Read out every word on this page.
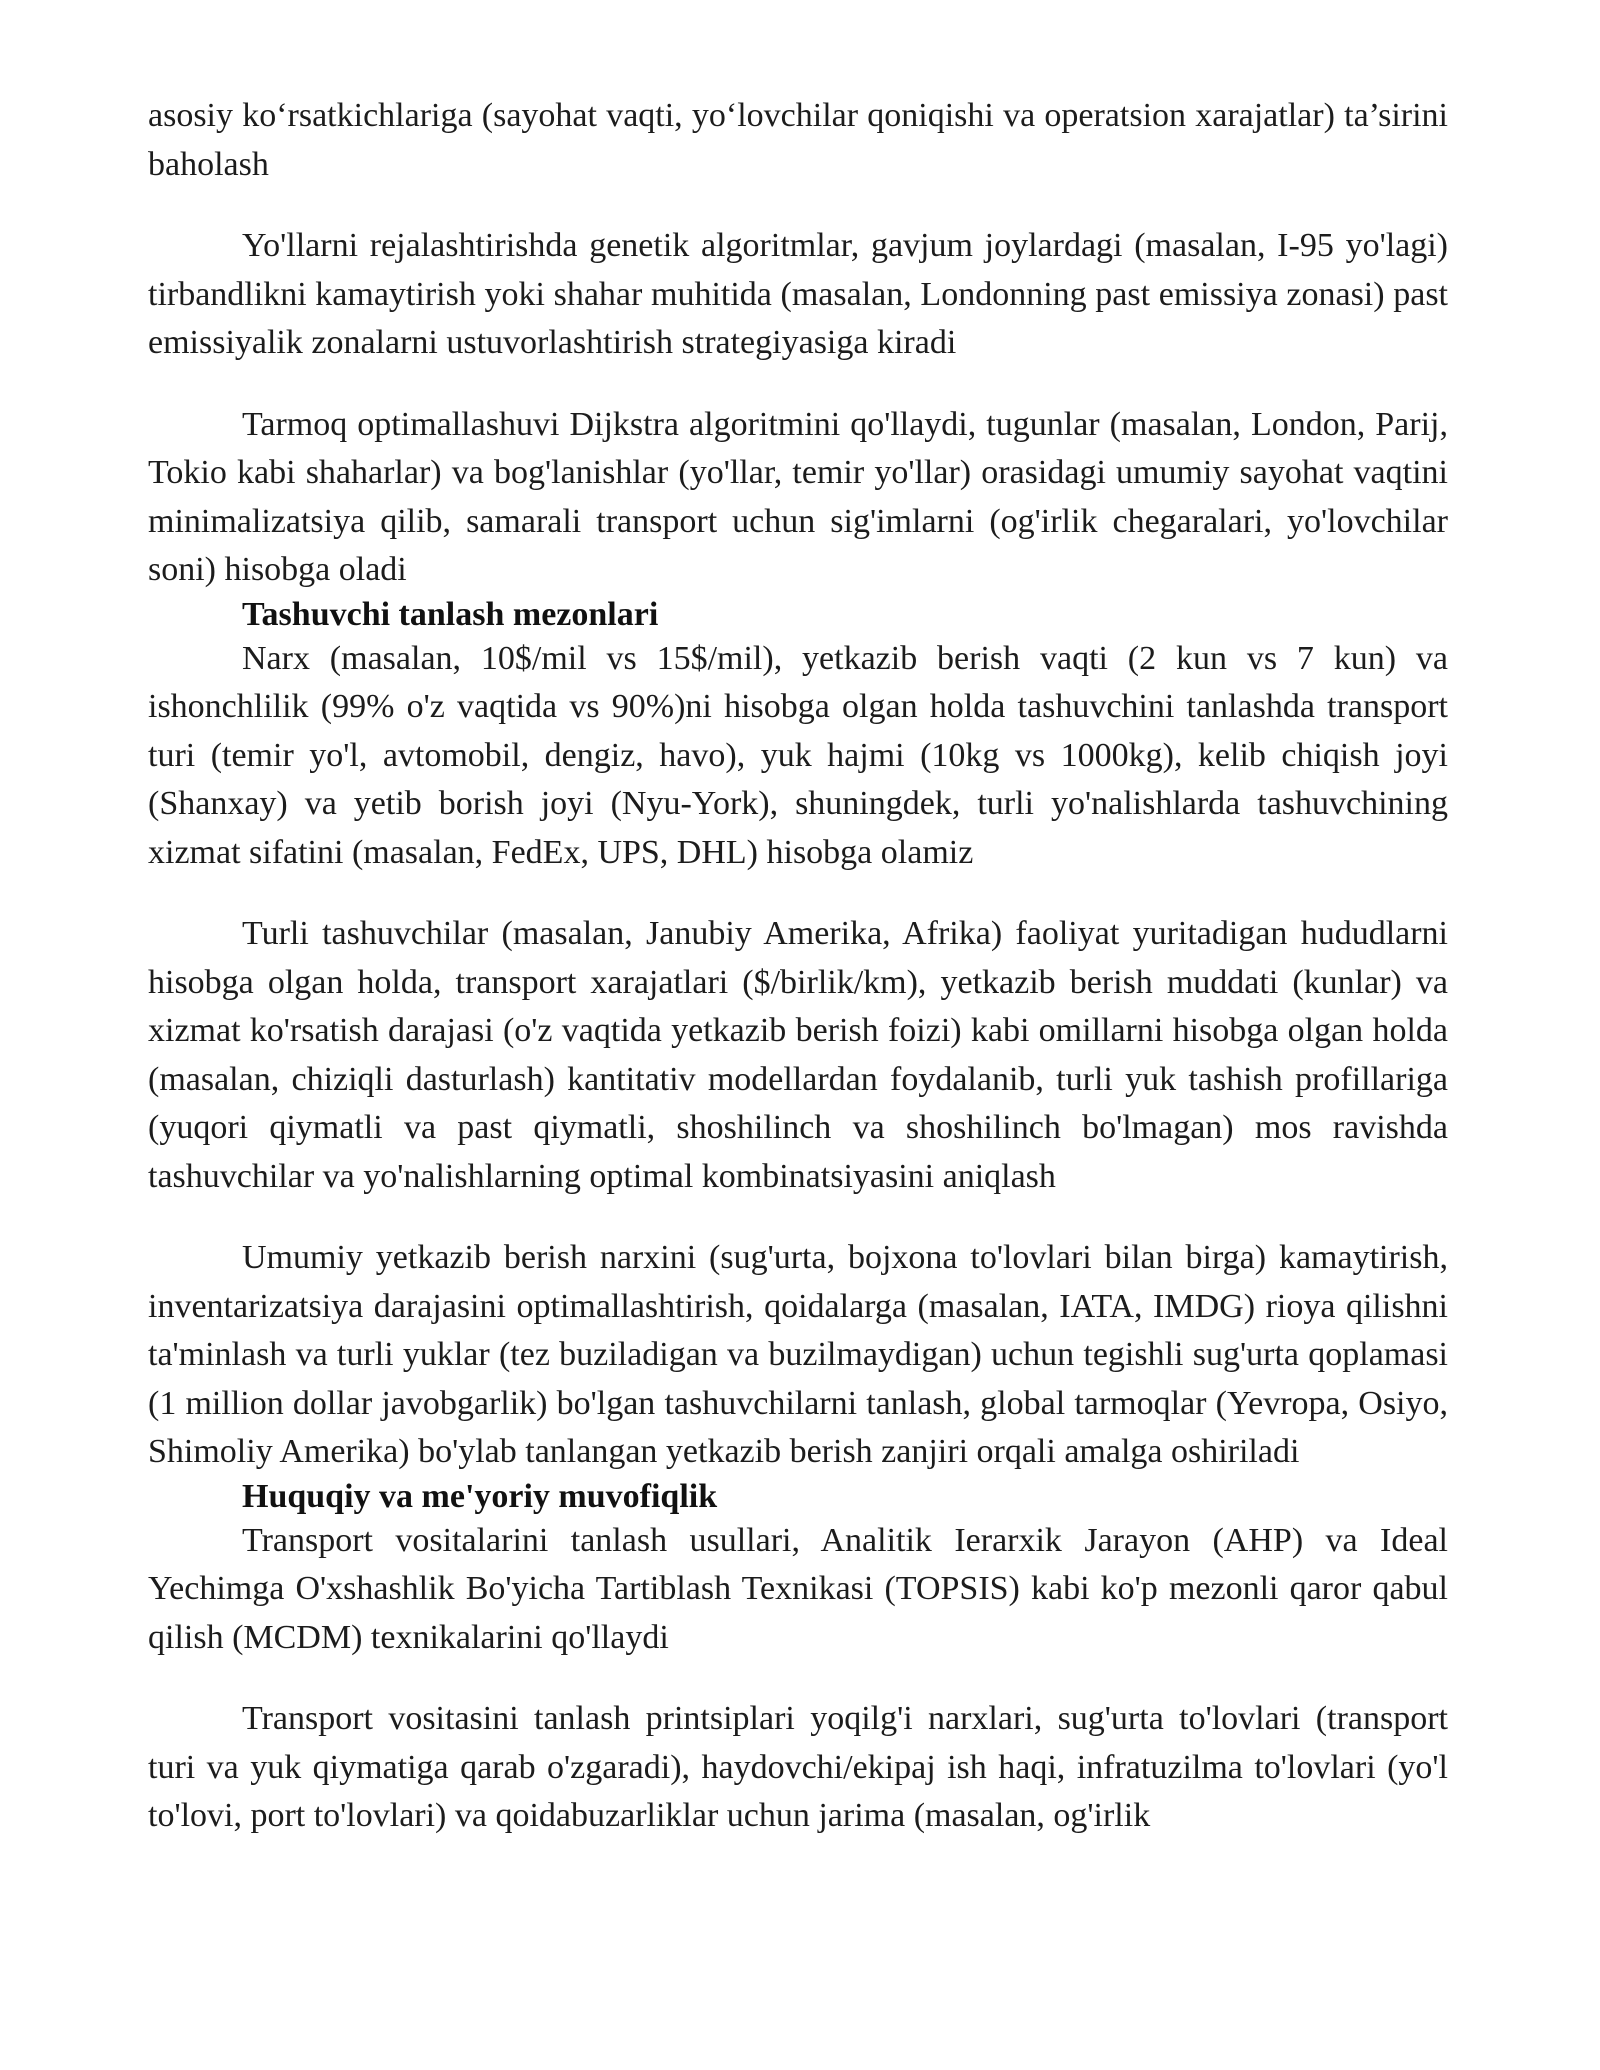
asosiy ko‘rsatkichlariga (sayohat vaqti, yo‘lovchilar qoniqishi va operatsion xarajatlar) ta’sirini baholash

Yo'llarni rejalashtirishda genetik algoritmlar, gavjum joylardagi (masalan, I-95 yo'lagi) tirbandlikni kamaytirish yoki shahar muhitida (masalan, Londonning past emissiya zonasi) past emissiyalik zonalarni ustuvorlashtirish strategiyasiga kiradi

Tarmoq optimallashuvi Dijkstra algoritmini qo'llaydi, tugunlar (masalan, London, Parij, Tokio kabi shaharlar) va bog'lanishlar (yo'llar, temir yo'llar) orasidagi umumiy sayohat vaqtini minimalizatsiya qilib, samarali transport uchun sig'imlarni (og'irlik chegaralari, yo'lovchilar soni) hisobga oladi

Tashuvchi tanlash mezonlari

Narx (masalan, 10$/mil vs 15$/mil), yetkazib berish vaqti (2 kun vs 7 kun) va ishonchlilik (99% o'z vaqtida vs 90%)ni hisobga olgan holda tashuvchini tanlashda transport turi (temir yo'l, avtomobil, dengiz, havo), yuk hajmi (10kg vs 1000kg), kelib chiqish joyi (Shanxay) va yetib borish joyi (Nyu-York), shuningdek, turli yo'nalishlarda tashuvchining xizmat sifatini (masalan, FedEx, UPS, DHL) hisobga olamiz

Turli tashuvchilar (masalan, Janubiy Amerika, Afrika) faoliyat yuritadigan hududlarni hisobga olgan holda, transport xarajatlari ($/birlik/km), yetkazib berish muddati (kunlar) va xizmat ko'rsatish darajasi (o'z vaqtida yetkazib berish foizi) kabi omillarni hisobga olgan holda (masalan, chiziqli dasturlash) kantitativ modellardan foydalanib, turli yuk tashish profillariga (yuqori qiymatli va past qiymatli, shoshilinch va shoshilinch bo'lmagan) mos ravishda tashuvchilar va yo'nalishlarning optimal kombinatsiyasini aniqlash

Umumiy yetkazib berish narxini (sug'urta, bojxona to'lovlari bilan birga) kamaytirish, inventarizatsiya darajasini optimallashtirish, qoidalarga (masalan, IATA, IMDG) rioya qilishni ta'minlash va turli yuklar (tez buziladigan va buzilmaydigan) uchun tegishli sug'urta qoplamasi (1 million dollar javobgarlik) bo'lgan tashuvchilarni tanlash, global tarmoqlar (Yevropa, Osiyo, Shimoliy Amerika) bo'ylab tanlangan yetkazib berish zanjiri orqali amalga oshiriladi

Huquqiy va me'yoriy muvofiqlik

Transport vositalarini tanlash usullari, Analitik Ierarxik Jarayon (AHP) va Ideal Yechimga O'xshashlik Bo'yicha Tartiblash Texnikasi (TOPSIS) kabi ko'p mezonli qaror qabul qilish (MCDM) texnikalarini qo'llaydi

Transport vositasini tanlash printsiplari yoqilg'i narxlari, sug'urta to'lovlari (transport turi va yuk qiymatiga qarab o'zgaradi), haydovchi/ekipaj ish haqi, infratuzilma to'lovlari (yo'l to'lovi, port to'lovlari) va qoidabuzarliklar uchun jarima (masalan, og'irlik
